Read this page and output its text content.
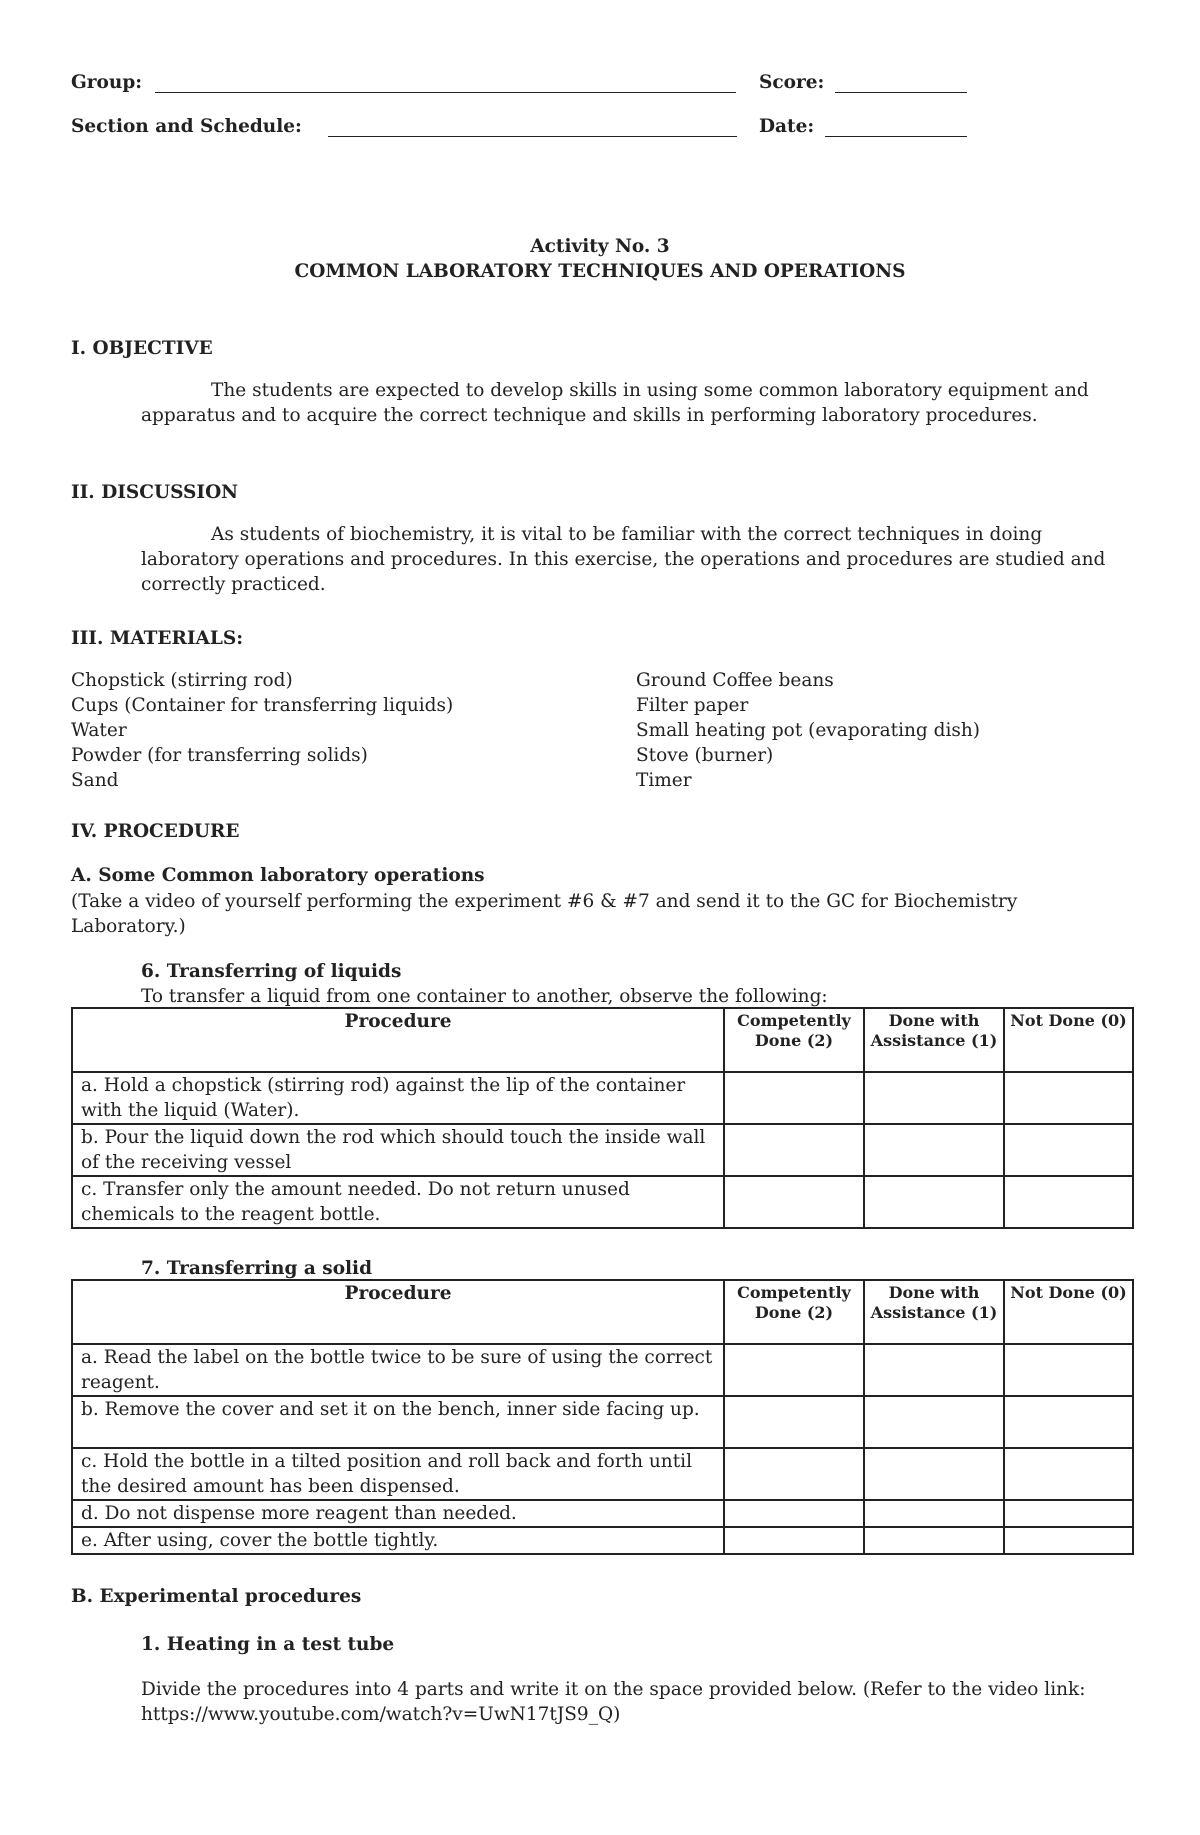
Group:	Score:
Section and Schedule:	Date:
Activity No. 3
COMMON LABORATORY TECHNIQUES AND OPERATIONS
I. OBJECTIVE
The students are expected to develop skills in using some common laboratory equipment and apparatus and to acquire the correct technique and skills in performing laboratory procedures.
II. DISCUSSION
As students of biochemistry, it is vital to be familiar with the correct techniques in doing laboratory operations and procedures. In this exercise, the operations and procedures are studied and correctly practiced.
III. MATERIALS:
Chopstick (stirring rod)
Cups (Container for transferring liquids)
Water
Powder (for transferring solids)
Sand
Ground Coffee beans
Filter paper
Small heating pot (evaporating dish)
Stove (burner)
Timer
IV. PROCEDURE
A. Some Common laboratory operations
(Take a video of yourself performing the experiment #6 & #7 and send it to the GC for Biochemistry Laboratory.)
6. Transferring of liquids
To transfer a liquid from one container to another, observe the following:
Procedure	Competently Done (2)	Done with Assistance (1)	Not Done (0)
a. Hold a chopstick (stirring rod) against the lip of the container with the liquid (Water).			
b. Pour the liquid down the rod which should touch the inside wall of the receiving vessel			
c. Transfer only the amount needed. Do not return unused chemicals to the reagent bottle.			
7. Transferring a solid
Procedure	Competently Done (2)	Done with Assistance (1)	Not Done (0)
a. Read the label on the bottle twice to be sure of using the correct reagent.			
b. Remove the cover and set it on the bench, inner side facing up.			
c. Hold the bottle in a tilted position and roll back and forth until the desired amount has been dispensed.			
d. Do not dispense more reagent than needed.			
e. After using, cover the bottle tightly.			
B. Experimental procedures
1. Heating in a test tube
Divide the procedures into 4 parts and write it on the space provided below. (Refer to the video link: https://www.youtube.com/watch?v=UwN17tJS9_Q)
